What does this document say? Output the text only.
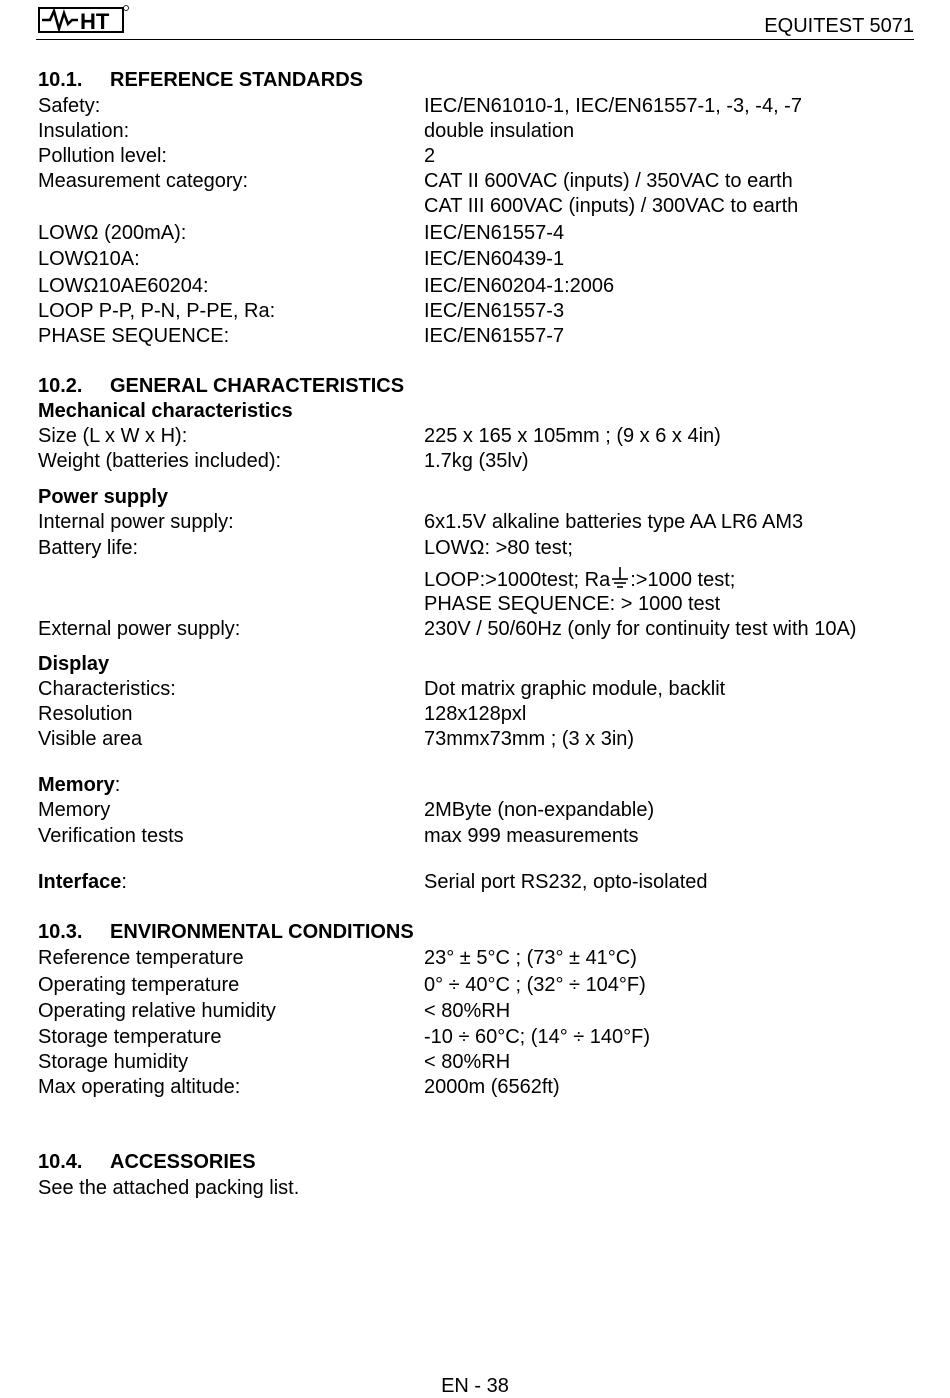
HT	EQUITEST 5071
10.1. REFERENCE STANDARDS
Safety:	IEC/EN61010-1, IEC/EN61557-1, -3, -4, -7
Insulation:	double insulation
Pollution level:	2
Measurement category:	CAT II 600VAC (inputs) / 350VAC to earth
CAT III 600VAC (inputs) / 300VAC to earth
LOWΩ (200mA):	IEC/EN61557-4
LOWΩ10A:	IEC/EN60439-1
LOWΩ10AE60204:	IEC/EN60204-1:2006
LOOP P-P, P-N, P-PE, Ra:	IEC/EN61557-3
PHASE SEQUENCE:	IEC/EN61557-7
10.2. GENERAL CHARACTERISTICS
Mechanical characteristics
Size (L x W x H):	225 x 165 x 105mm ; (9 x 6 x 4in)
Weight (batteries included):	1.7kg (35lv)
Power supply
Internal power supply:	6x1.5V alkaline batteries type AA LR6 AM3
Battery life:	LOWΩ: >80 test;
LOOP:>1000test; Ra :>1000 test;
PHASE SEQUENCE: > 1000 test
External power supply:	230V / 50/60Hz (only for continuity test with 10A)
Display
Characteristics:	Dot matrix graphic module, backlit
Resolution	128x128pxl
Visible area	73mmx73mm ; (3 x 3in)
Memory:
Memory	2MByte (non-expandable)
Verification tests	max 999 measurements
Interface:	Serial port RS232, opto-isolated
10.3. ENVIRONMENTAL CONDITIONS
Reference temperature	23° ± 5°C ; (73° ± 41°C)
Operating temperature	0° ÷ 40°C ; (32° ÷ 104°F)
Operating relative humidity	< 80%RH
Storage temperature	-10 ÷ 60°C; (14° ÷ 140°F)
Storage humidity	< 80%RH
Max operating altitude:	2000m (6562ft)
10.4. ACCESSORIES
See the attached packing list.
EN - 38
